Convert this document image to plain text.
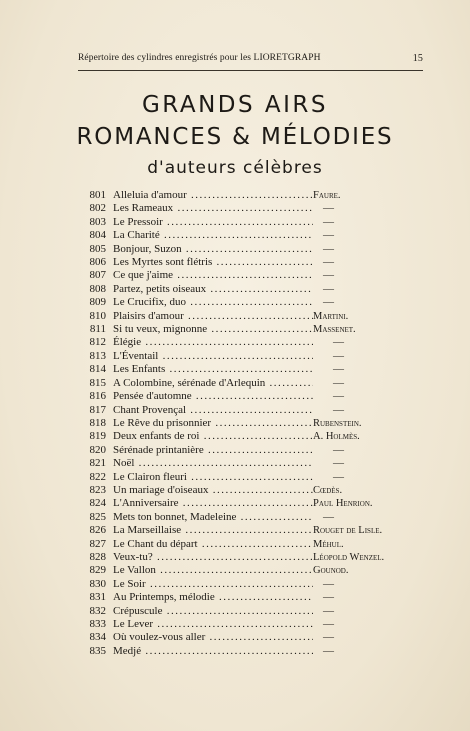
Répertoire des cylindres enregistrés pour les LIORETGRAPH	15
GRANDS AIRS
ROMANCES & MÉLODIES
d'auteurs célèbres
801 Alleluia d'amour .....	Faure.
802 Les Rameaux .....	—
803 Le Pressoir .....	—
804 La Charité .....	—
805 Bonjour, Suzon .....	—
806 Les Myrtes sont flétris .....	—
807 Ce que j'aime .....	—
808 Partez, petits oiseaux .....	—
809 Le Crucifix, duo .....	—
810 Plaisirs d'amour .....	Martini.
811 Si tu veux, mignonne .....	Massenet.
812 Élégie .....	—
813 L'Éventail .....	—
814 Les Enfants .....	—
815 A Colombine, sérénade d'Arlequin .....	—
816 Pensée d'automne .....	—
817 Chant Provençal .....	—
818 Le Rêve du prisonnier .....	Rubenstein.
819 Deux enfants de roi .....	A. Holmès.
820 Sérénade printanière .....	—
821 Noël .....	—
822 Le Clairon fleuri .....	—
823 Un mariage d'oiseaux .....	Cœdès.
824 L'Anniversaire .....	Paul Henrion.
825 Mets ton bonnet, Madeleine .....	—
826 La Marseillaise .....	Rouget de Lisle.
827 Le Chant du départ .....	Méhul.
828 Veux-tu? .....	Léopold Wenzel.
829 Le Vallon .....	Gounod.
830 Le Soir .....	—
831 Au Printemps, mélodie .....	—
832 Crépuscule .....	—
833 Le Lever .....	—
834 Où voulez-vous aller .....	—
835 Medjé .....	—
